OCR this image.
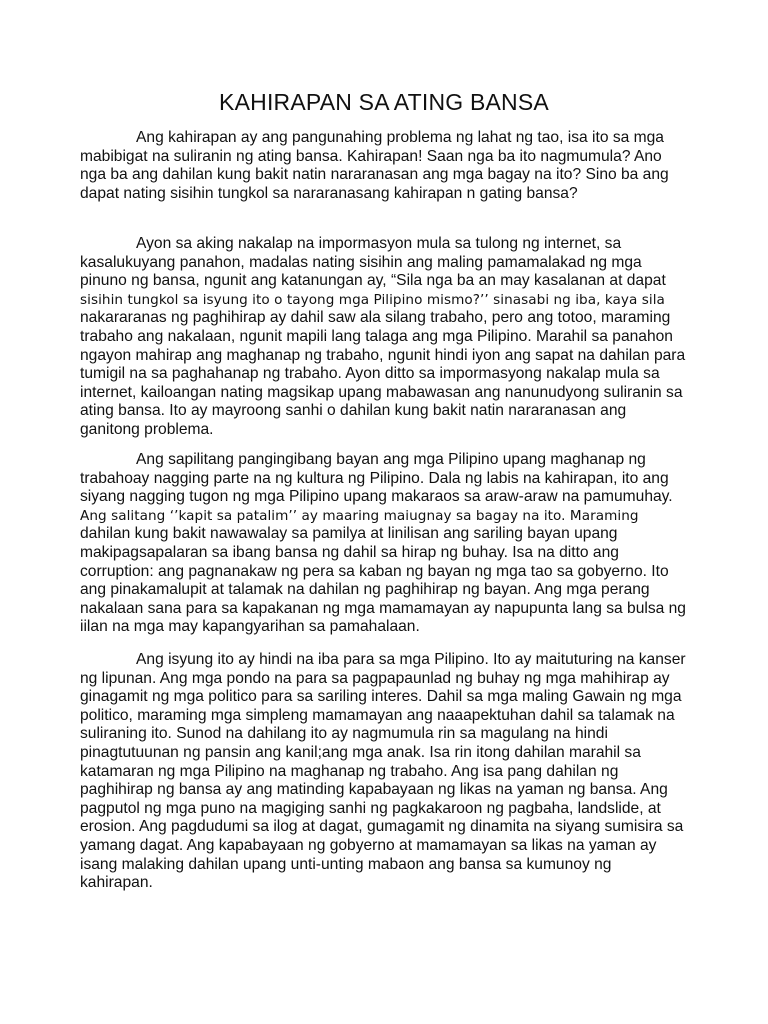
KAHIRAPAN SA ATING BANSA
Ang kahirapan ay ang pangunahing problema ng lahat ng tao, isa ito sa mga
mabibigat na suliranin ng ating bansa. Kahirapan! Saan nga ba ito nagmumula? Ano
nga ba ang dahilan kung bakit natin nararanasan ang mga bagay na ito? Sino ba ang
dapat nating sisihin tungkol sa nararanasang kahirapan n gating bansa?
Ayon sa aking nakalap na impormasyon mula sa tulong ng internet, sa
kasalukuyang panahon, madalas nating sisihin ang maling pamamalakad ng mga
pinuno ng bansa, ngunit ang katanungan ay, “Sila nga ba an may kasalanan at dapat
sisihin tungkol sa isyung ito o tayong mga Pilipino mismo?’’ sinasabi ng iba, kaya sila
nakararanas ng paghihirap ay dahil saw ala silang trabaho, pero ang totoo, maraming
trabaho ang nakalaan, ngunit mapili lang talaga ang mga Pilipino. Marahil sa panahon
ngayon mahirap ang maghanap ng trabaho, ngunit hindi iyon ang sapat na dahilan para
tumigil na sa paghahanap ng trabaho. Ayon ditto sa impormasyong nakalap mula sa
internet, kailoangan nating magsikap upang mabawasan ang nanunudyong suliranin sa
ating bansa. Ito ay mayroong sanhi o dahilan kung bakit natin nararanasan ang
ganitong problema.
Ang sapilitang pangingibang bayan ang mga Pilipino upang maghanap ng
trabahoay nagging parte na ng kultura ng Pilipino. Dala ng labis na kahirapan, ito ang
siyang nagging tugon ng mga Pilipino upang makaraos sa araw-araw na pamumuhay.
Ang salitang ‘’kapit sa patalim’’ ay maaring maiugnay sa bagay na ito. Maraming
dahilan kung bakit nawawalay sa pamilya at linilisan ang sariling bayan upang
makipagsapalaran sa ibang bansa ng dahil sa hirap ng buhay. Isa na ditto ang
corruption: ang pagnanakaw ng pera sa kaban ng bayan ng mga tao sa gobyerno. Ito
ang pinakamalupit at talamak na dahilan ng paghihirap ng bayan. Ang mga perang
nakalaan sana para sa kapakanan ng mga mamamayan ay napupunta lang sa bulsa ng
iilan na mga may kapangyarihan sa pamahalaan.
Ang isyung ito ay hindi na iba para sa mga Pilipino. Ito ay maituturing na kanser
ng lipunan. Ang mga pondo na para sa pagpapaunlad ng buhay ng mga mahihirap ay
ginagamit ng mga politico para sa sariling interes. Dahil sa mga maling Gawain ng mga
politico, maraming mga simpleng mamamayan ang naaapektuhan dahil sa talamak na
suliraning ito. Sunod na dahilang ito ay nagmumula rin sa magulang na hindi
pinagtutuunan ng pansin ang kanil;ang mga anak. Isa rin itong dahilan marahil sa
katamaran ng mga Pilipino na maghanap ng trabaho. Ang isa pang dahilan ng
paghihirap ng bansa ay ang matinding kapabayaan ng likas na yaman ng bansa. Ang
pagputol ng mga puno na magiging sanhi ng pagkakaroon ng pagbaha, landslide, at
erosion. Ang pagdudumi sa ilog at dagat, gumagamit ng dinamita na siyang sumisira sa
yamang dagat. Ang kapabayaan ng gobyerno at mamamayan sa likas na yaman ay
isang malaking dahilan upang unti-unting mabaon ang bansa sa kumunoy ng
kahirapan.
